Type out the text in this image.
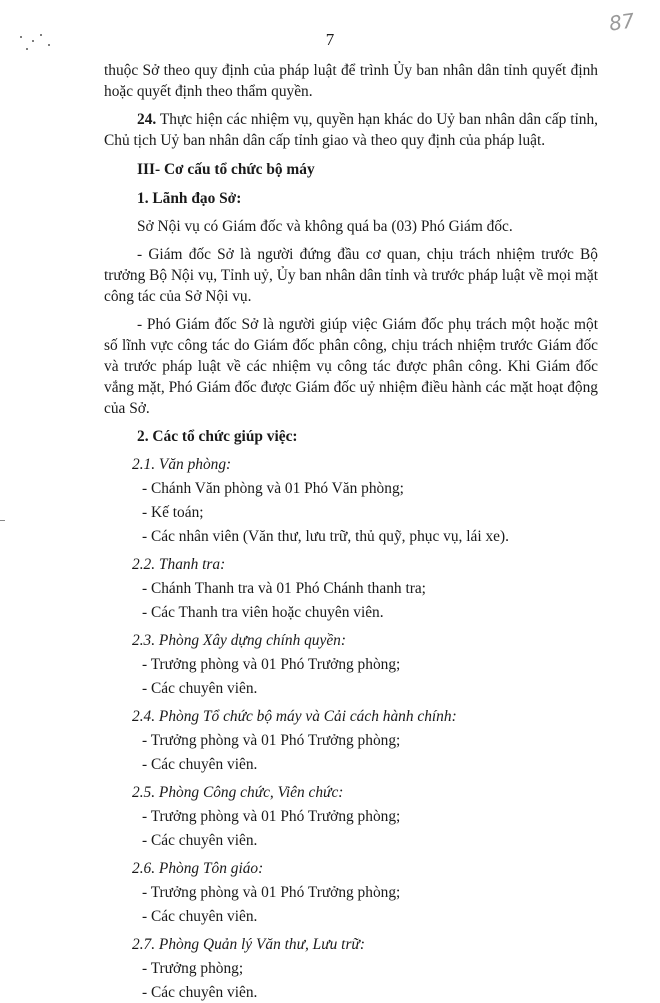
87
7

thuộc Sở theo quy định của pháp luật để trình Ủy ban nhân dân tỉnh quyết định hoặc quyết định theo thẩm quyền.

24. Thực hiện các nhiệm vụ, quyền hạn khác do Uỷ ban nhân dân cấp tỉnh, Chủ tịch Uỷ ban nhân dân cấp tỉnh giao và theo quy định của pháp luật.

III- Cơ cấu tổ chức bộ máy

1. Lãnh đạo Sở:

Sở Nội vụ có Giám đốc và không quá ba (03) Phó Giám đốc.

- Giám đốc Sở là người đứng đầu cơ quan, chịu trách nhiệm trước Bộ trưởng Bộ Nội vụ, Tỉnh uỷ, Ủy ban nhân dân tỉnh và trước pháp luật về mọi mặt công tác của Sở Nội vụ.

- Phó Giám đốc Sở là người giúp việc Giám đốc phụ trách một hoặc một số lĩnh vực công tác do Giám đốc phân công, chịu trách nhiệm trước Giám đốc và trước pháp luật về các nhiệm vụ công tác được phân công. Khi Giám đốc vắng mặt, Phó Giám đốc được Giám đốc uỷ nhiệm điều hành các mặt hoạt động của Sở.

2. Các tổ chức giúp việc:

2.1. Văn phòng:

- Chánh Văn phòng và 01 Phó Văn phòng;

- Kế toán;

- Các nhân viên (Văn thư, lưu trữ, thủ quỹ, phục vụ, lái xe).

2.2. Thanh tra:

- Chánh Thanh tra và 01 Phó Chánh thanh tra;

- Các Thanh tra viên hoặc chuyên viên.

2.3. Phòng Xây dựng chính quyền:

- Trưởng phòng và 01 Phó Trưởng phòng;

- Các chuyên viên.

2.4. Phòng Tổ chức bộ máy và Cải cách hành chính:

- Trưởng phòng và 01 Phó Trưởng phòng;

- Các chuyên viên.

2.5. Phòng Công chức, Viên chức:

- Trưởng phòng và 01 Phó Trưởng phòng;

- Các chuyên viên.

2.6. Phòng Tôn giáo:

- Trưởng phòng và 01 Phó Trưởng phòng;

- Các chuyên viên.

2.7. Phòng Quản lý Văn thư, Lưu trữ:

- Trưởng phòng;

- Các chuyên viên.
